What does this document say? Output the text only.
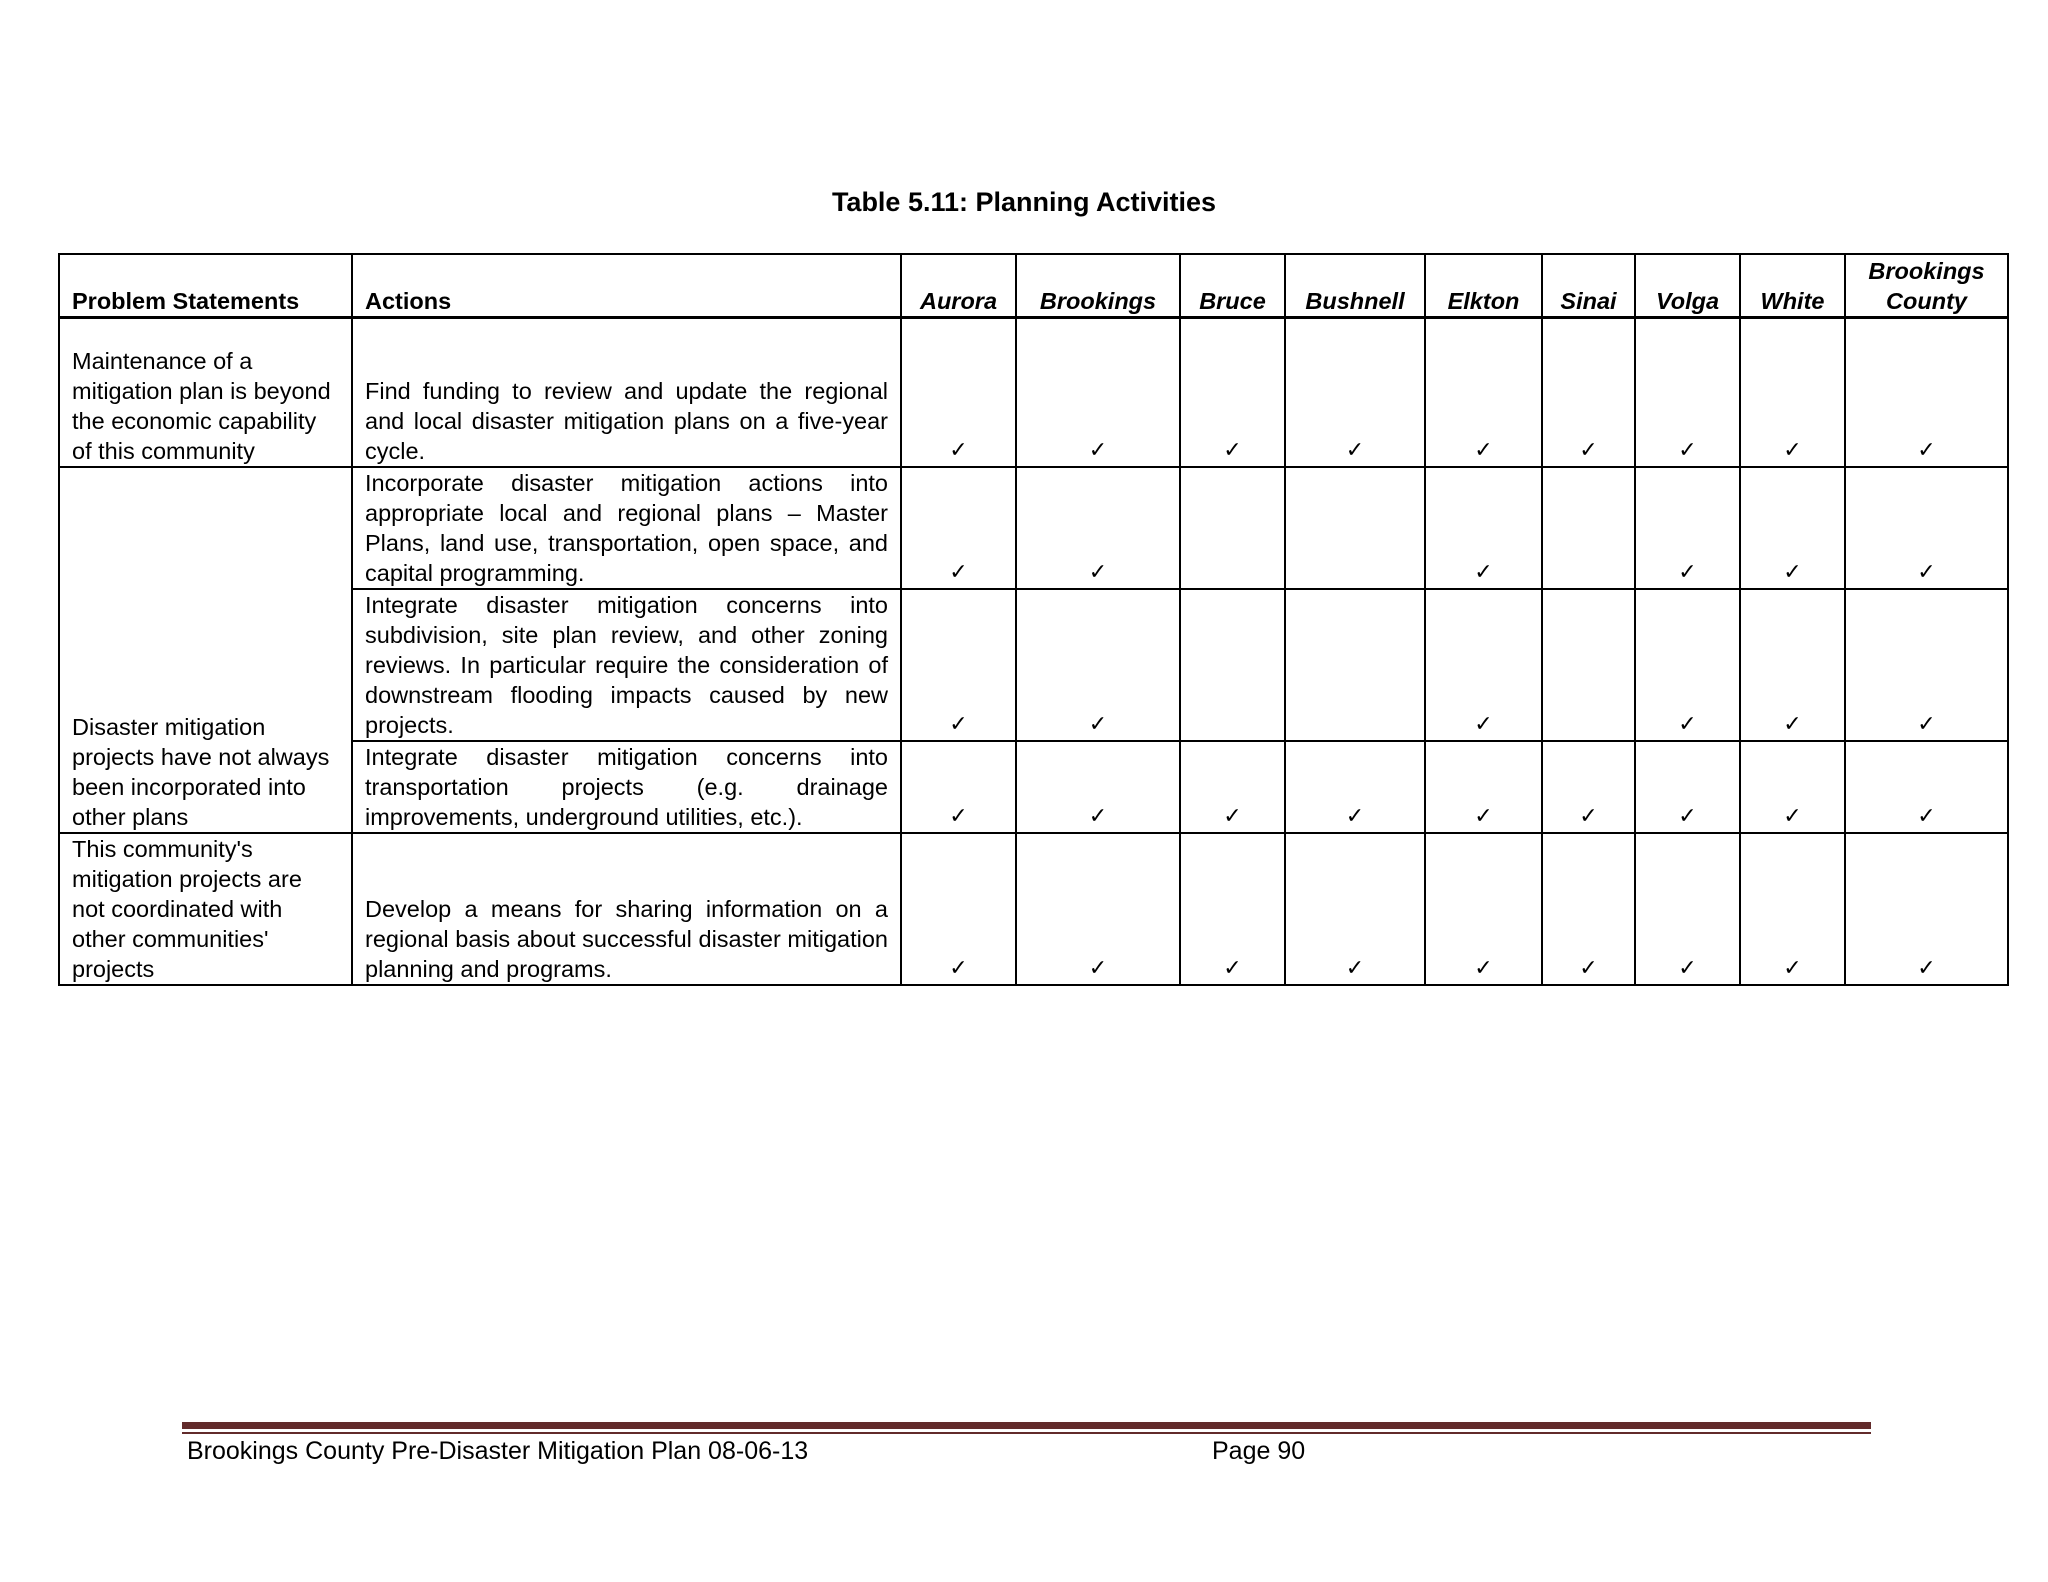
Table 5.11: Planning Activities
Problem Statements	Actions	Aurora	Brookings	Bruce	Bushnell	Elkton	Sinai	Volga	White	Brookings County
Maintenance of a mitigation plan is beyond the economic capability of this community	Find funding to review and update the regional and local disaster mitigation plans on a five-year cycle.	✓	✓	✓	✓	✓	✓	✓	✓	✓
Disaster mitigation projects have not always been incorporated into other plans	Incorporate disaster mitigation actions into appropriate local and regional plans – Master Plans, land use, transportation, open space, and capital programming.	✓	✓			✓		✓	✓	✓
	Integrate disaster mitigation concerns into subdivision, site plan review, and other zoning reviews. In particular require the consideration of downstream flooding impacts caused by new projects.	✓	✓			✓		✓	✓	✓
	Integrate disaster mitigation concerns into transportation projects (e.g. drainage improvements, underground utilities, etc.).	✓	✓	✓	✓	✓	✓	✓	✓	✓
This community's mitigation projects are not coordinated with other communities' projects	Develop a means for sharing information on a regional basis about successful disaster mitigation planning and programs.	✓	✓	✓	✓	✓	✓	✓	✓	✓
Brookings County Pre-Disaster Mitigation Plan 08-06-13	Page 90
